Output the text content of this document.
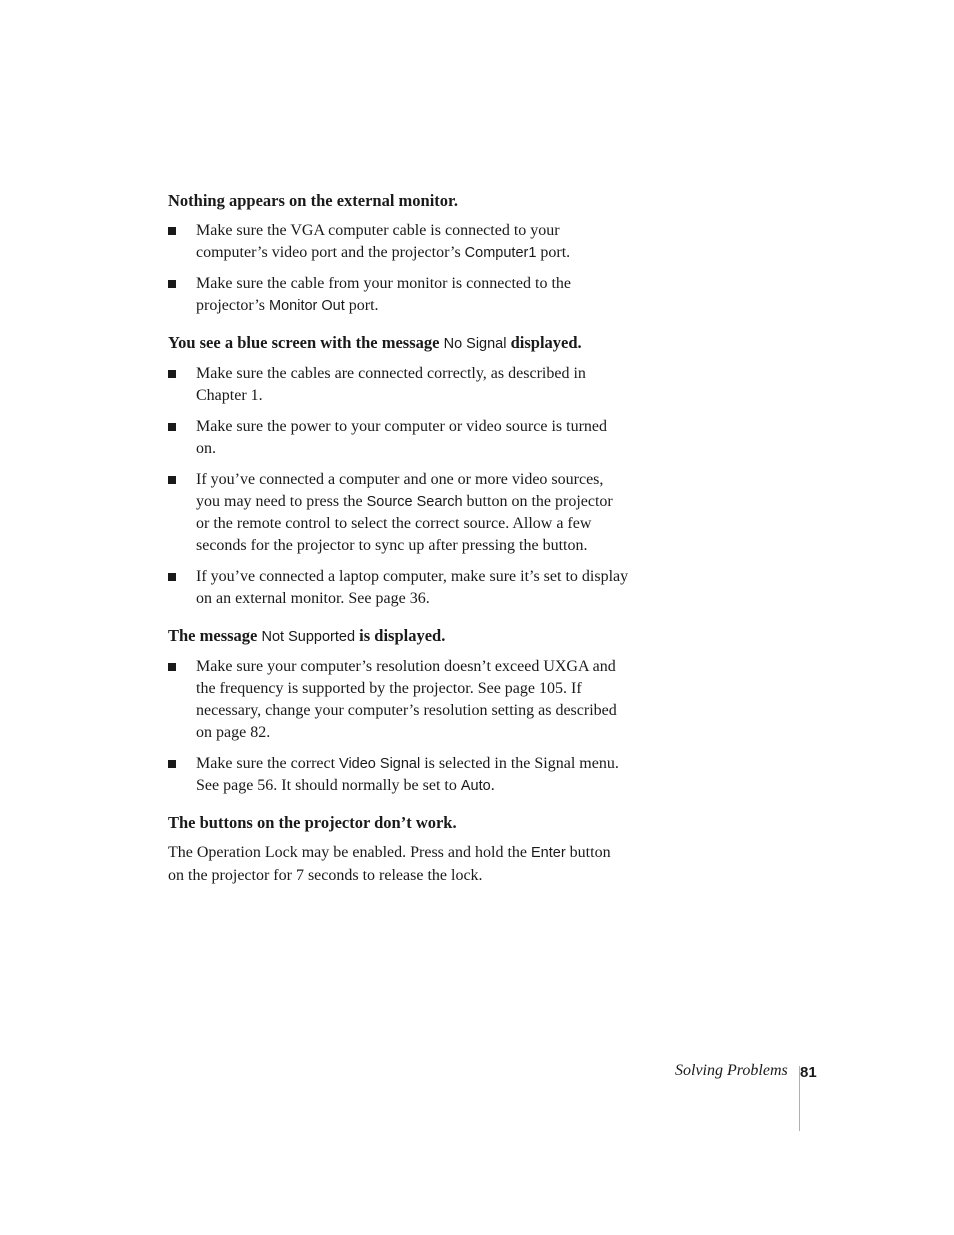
Nothing appears on the external monitor.
Make sure the VGA computer cable is connected to your computer’s video port and the projector’s Computer1 port.
Make sure the cable from your monitor is connected to the projector’s Monitor Out port.
You see a blue screen with the message No Signal displayed.
Make sure the cables are connected correctly, as described in Chapter 1.
Make sure the power to your computer or video source is turned on.
If you’ve connected a computer and one or more video sources, you may need to press the Source Search button on the projector or the remote control to select the correct source. Allow a few seconds for the projector to sync up after pressing the button.
If you’ve connected a laptop computer, make sure it’s set to display on an external monitor. See page 36.
The message Not Supported is displayed.
Make sure your computer’s resolution doesn’t exceed UXGA and the frequency is supported by the projector. See page 105. If necessary, change your computer’s resolution setting as described on page 82.
Make sure the correct Video Signal is selected in the Signal menu. See page 56. It should normally be set to Auto.
The buttons on the projector don’t work.
The Operation Lock may be enabled. Press and hold the Enter button on the projector for 7 seconds to release the lock.
Solving Problems 81
